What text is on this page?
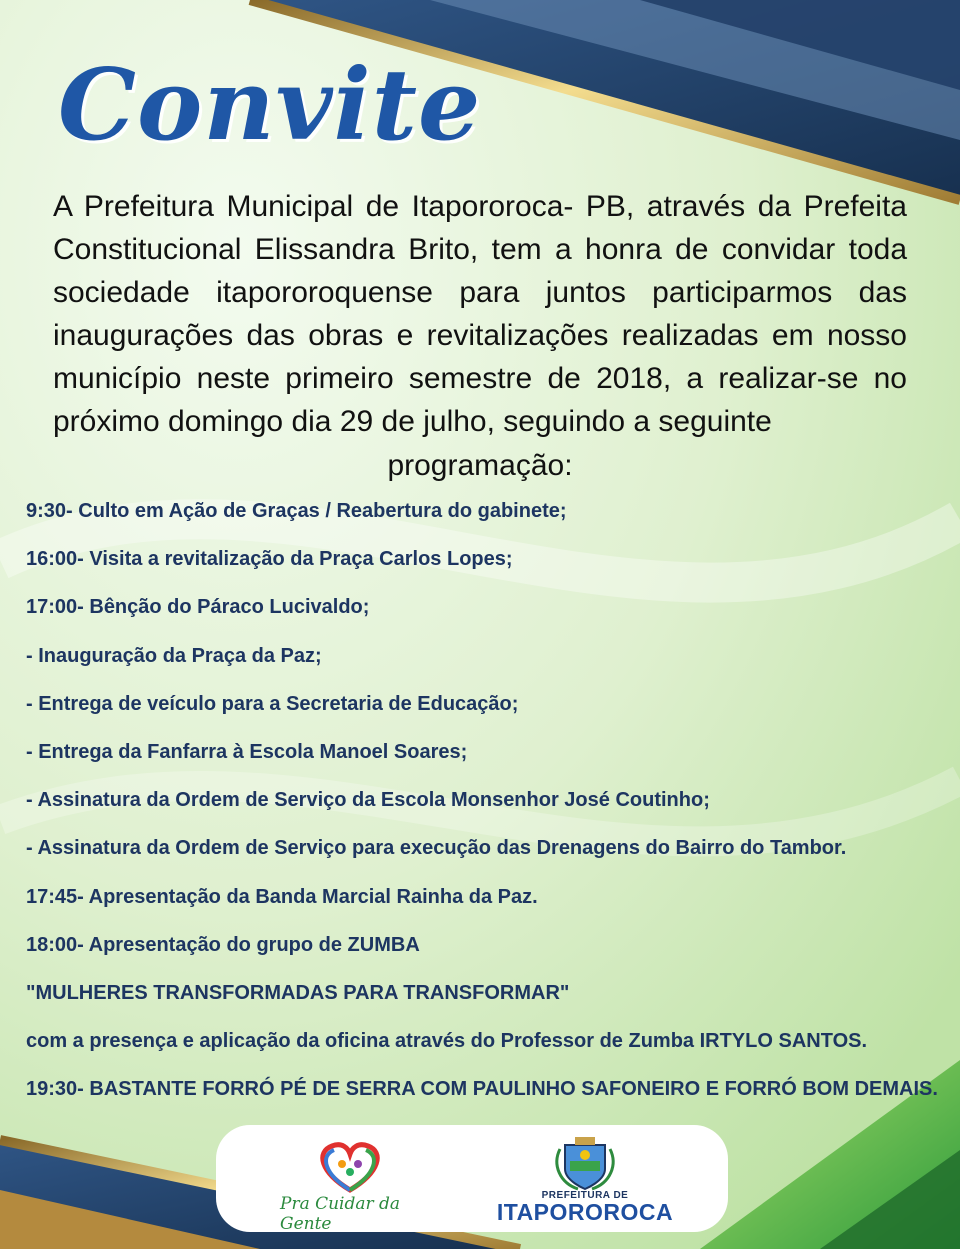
Convite

A Prefeitura Municipal de Itapororoca- PB, através da Prefeita Constitucional Elissandra Brito, tem a honra de convidar toda sociedade itapororoquense para juntos participarmos das inaugurações das obras e revitalizações realizadas em nosso município neste primeiro semestre de 2018, a realizar-se no próximo domingo dia 29 de julho, seguindo a seguinte

programação:
9:30- Culto em Ação de Graças / Reabertura do gabinete;
16:00- Visita a revitalização da Praça Carlos Lopes;
17:00- Bênção do Páraco Lucivaldo;
- Inauguração da Praça da Paz;
- Entrega de veículo para a Secretaria de Educação;
- Entrega da Fanfarra à Escola Manoel Soares;
- Assinatura da Ordem de Serviço da Escola Monsenhor José Coutinho;
- Assinatura da Ordem de Serviço para execução das Drenagens do Bairro do Tambor.
17:45- Apresentação da Banda Marcial Rainha da Paz.
18:00- Apresentação do grupo de ZUMBA
"MULHERES TRANSFORMADAS PARA TRANSFORMAR"
com a presença e aplicação da oficina através do Professor de Zumba IRTYLO SANTOS.
19:30- BASTANTE FORRÓ PÉ DE SERRA COM PAULINHO SAFONEIRO E FORRÓ BOM DEMAIS.
Pra Cuidar da Gente
PREFEITURA DE
ITAPOROROCA
